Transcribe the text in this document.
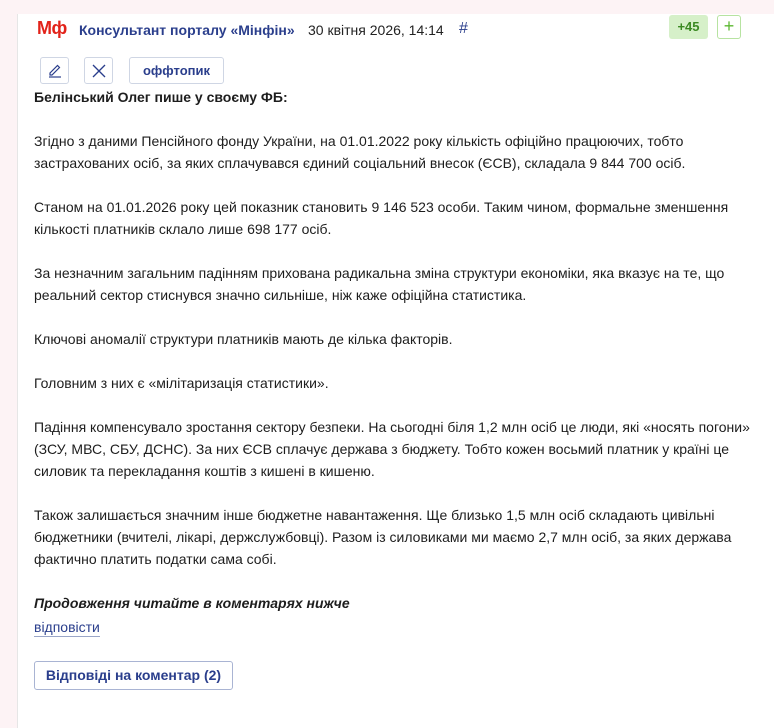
Мф Консультант порталу «Мінфін» 30 квітня 2026, 14:14 #	+45	+
оффтопик

Белінський Олег пише у своєму ФБ:

Згідно з даними Пенсійного фонду України, на 01.01.2022 року кількість офіційно працюючих, тобто застрахованих осіб, за яких сплачувався єдиний соціальний внесок (ЄСВ), складала 9 844 700 осіб.

Станом на 01.01.2026 року цей показник становить 9 146 523 особи. Таким чином, формальне зменшення кількості платників склало лише 698 177 осіб.

За незначним загальним падінням прихована радикальна зміна структури економіки, яка вказує на те, що реальний сектор стиснувся значно сильніше, ніж каже офіційна статистика.

Ключові аномалії структури платників мають де кілька факторів.

Головним з них є «мілітаризація статистики».

Падіння компенсувало зростання сектору безпеки. На сьогодні біля 1,2 млн осіб це люди, які «носять погони» (ЗСУ, МВС, СБУ, ДСНС). За них ЄСВ сплачує держава з бюджету. Тобто кожен восьмий платник у країні це силовик та перекладання коштів з кишені в кишеню.

Також залишається значним інше бюджетне навантаження. Ще близько 1,5 млн осіб складають цивільні бюджетники (вчителі, лікарі, держслужбовці). Разом із силовиками ми маємо 2,7 млн осіб, за яких держава фактично платить податки сама собі.

Продовження читайте в коментарях нижче

відповісти
Відповіді на коментар (2)
